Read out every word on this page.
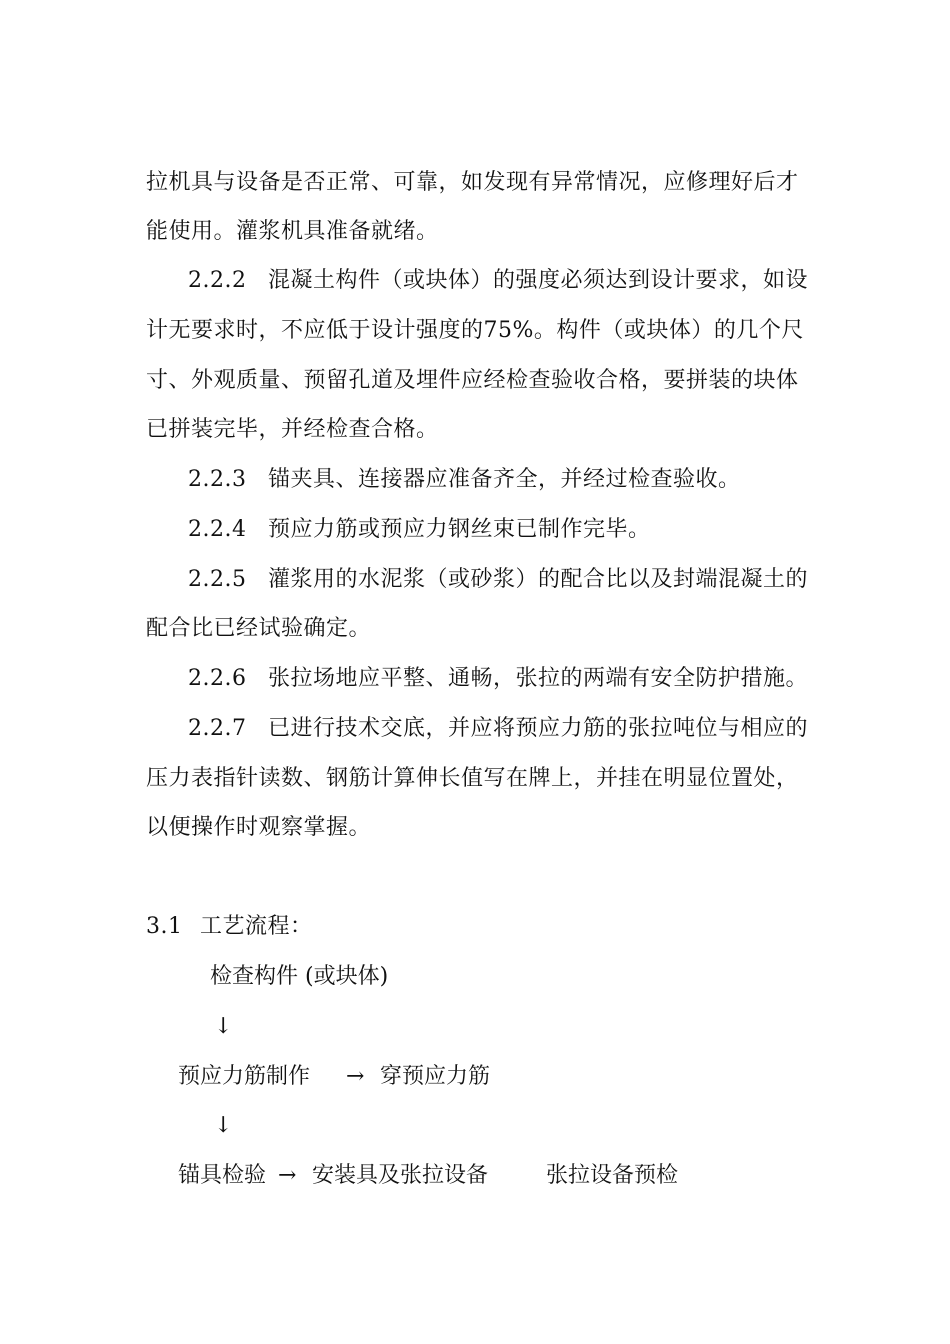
拉机具与设备是否正常、可靠，如发现有异常情况，应修理好后才
能使用。灌浆机具准备就绪。
2.2.2 混凝土构件（或块体）的强度必须达到设计要求，如设
计无要求时，不应低于设计强度的75%。构件（或块体）的几个尺
寸、外观质量、预留孔道及埋件应经检查验收合格，要拼装的块体
已拼装完毕，并经检查合格。
2.2.3 锚夹具、连接器应准备齐全，并经过检查验收。
2.2.4 预应力筋或预应力钢丝束已制作完毕。
2.2.5 灌浆用的水泥浆（或砂浆）的配合比以及封端混凝土的
配合比已经试验确定。
2.2.6 张拉场地应平整、通畅，张拉的两端有安全防护措施。
2.2.7 已进行技术交底，并应将预应力筋的张拉吨位与相应的
压力表指针读数、钢筋计算伸长值写在牌上，并挂在明显位置处，
以便操作时观察掌握。
3.1 工艺流程：
检查构件 (或块体)
↓
预应力筋制作 → 穿预应力筋
↓
锚具检验 → 安装具及张拉设备	张拉设备预检
